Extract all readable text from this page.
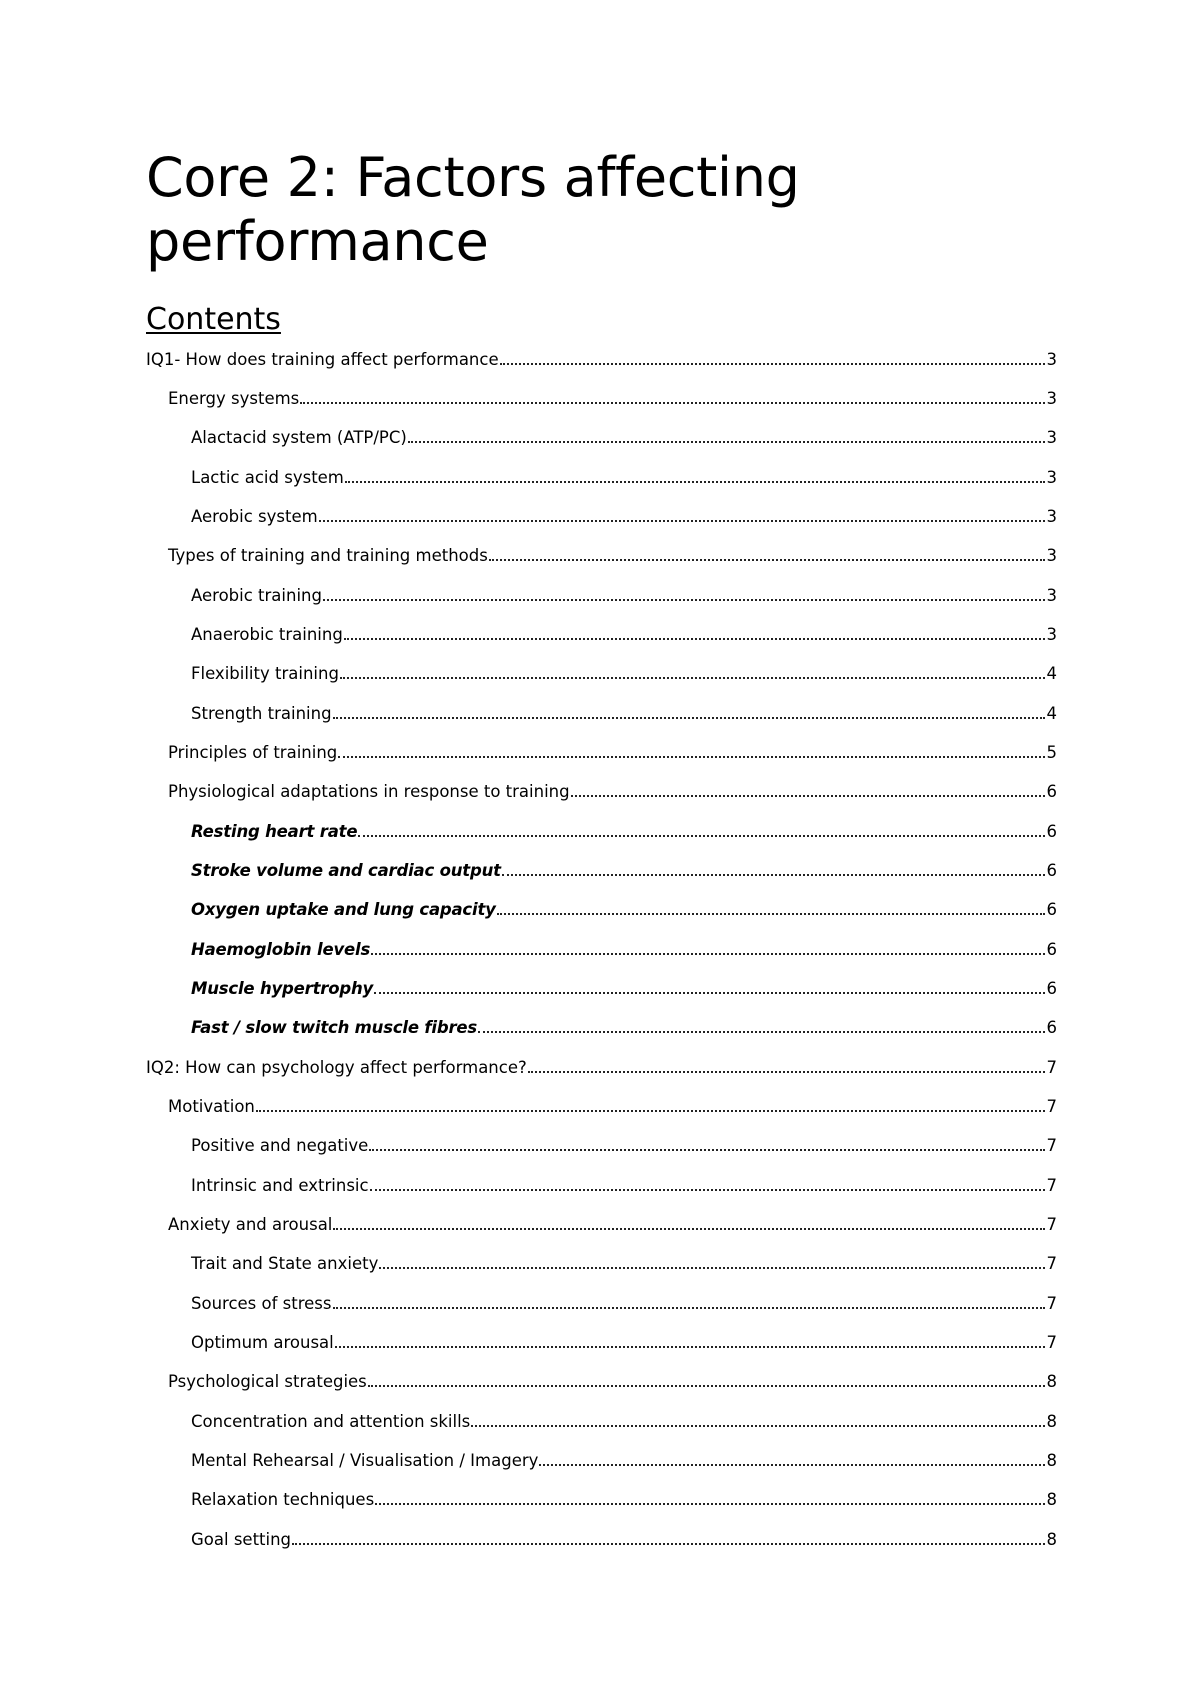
Core 2: Factors affecting performance
Contents
IQ1- How does training affect performance	3
Energy systems	3
Alactacid system (ATP/PC)	3
Lactic acid system	3
Aerobic system	3
Types of training and training methods	3
Aerobic training	3
Anaerobic training	3
Flexibility training	4
Strength training	4
Principles of training	5
Physiological adaptations in response to training	6
Resting heart rate	6
Stroke volume and cardiac output	6
Oxygen uptake and lung capacity	6
Haemoglobin levels	6
Muscle hypertrophy	6
Fast / slow twitch muscle fibres	6
IQ2: How can psychology affect performance?	7
Motivation	7
Positive and negative	7
Intrinsic and extrinsic	7
Anxiety and arousal	7
Trait and State anxiety	7
Sources of stress	7
Optimum arousal	7
Psychological strategies	8
Concentration and attention skills	8
Mental Rehearsal / Visualisation / Imagery	8
Relaxation techniques	8
Goal setting	8
